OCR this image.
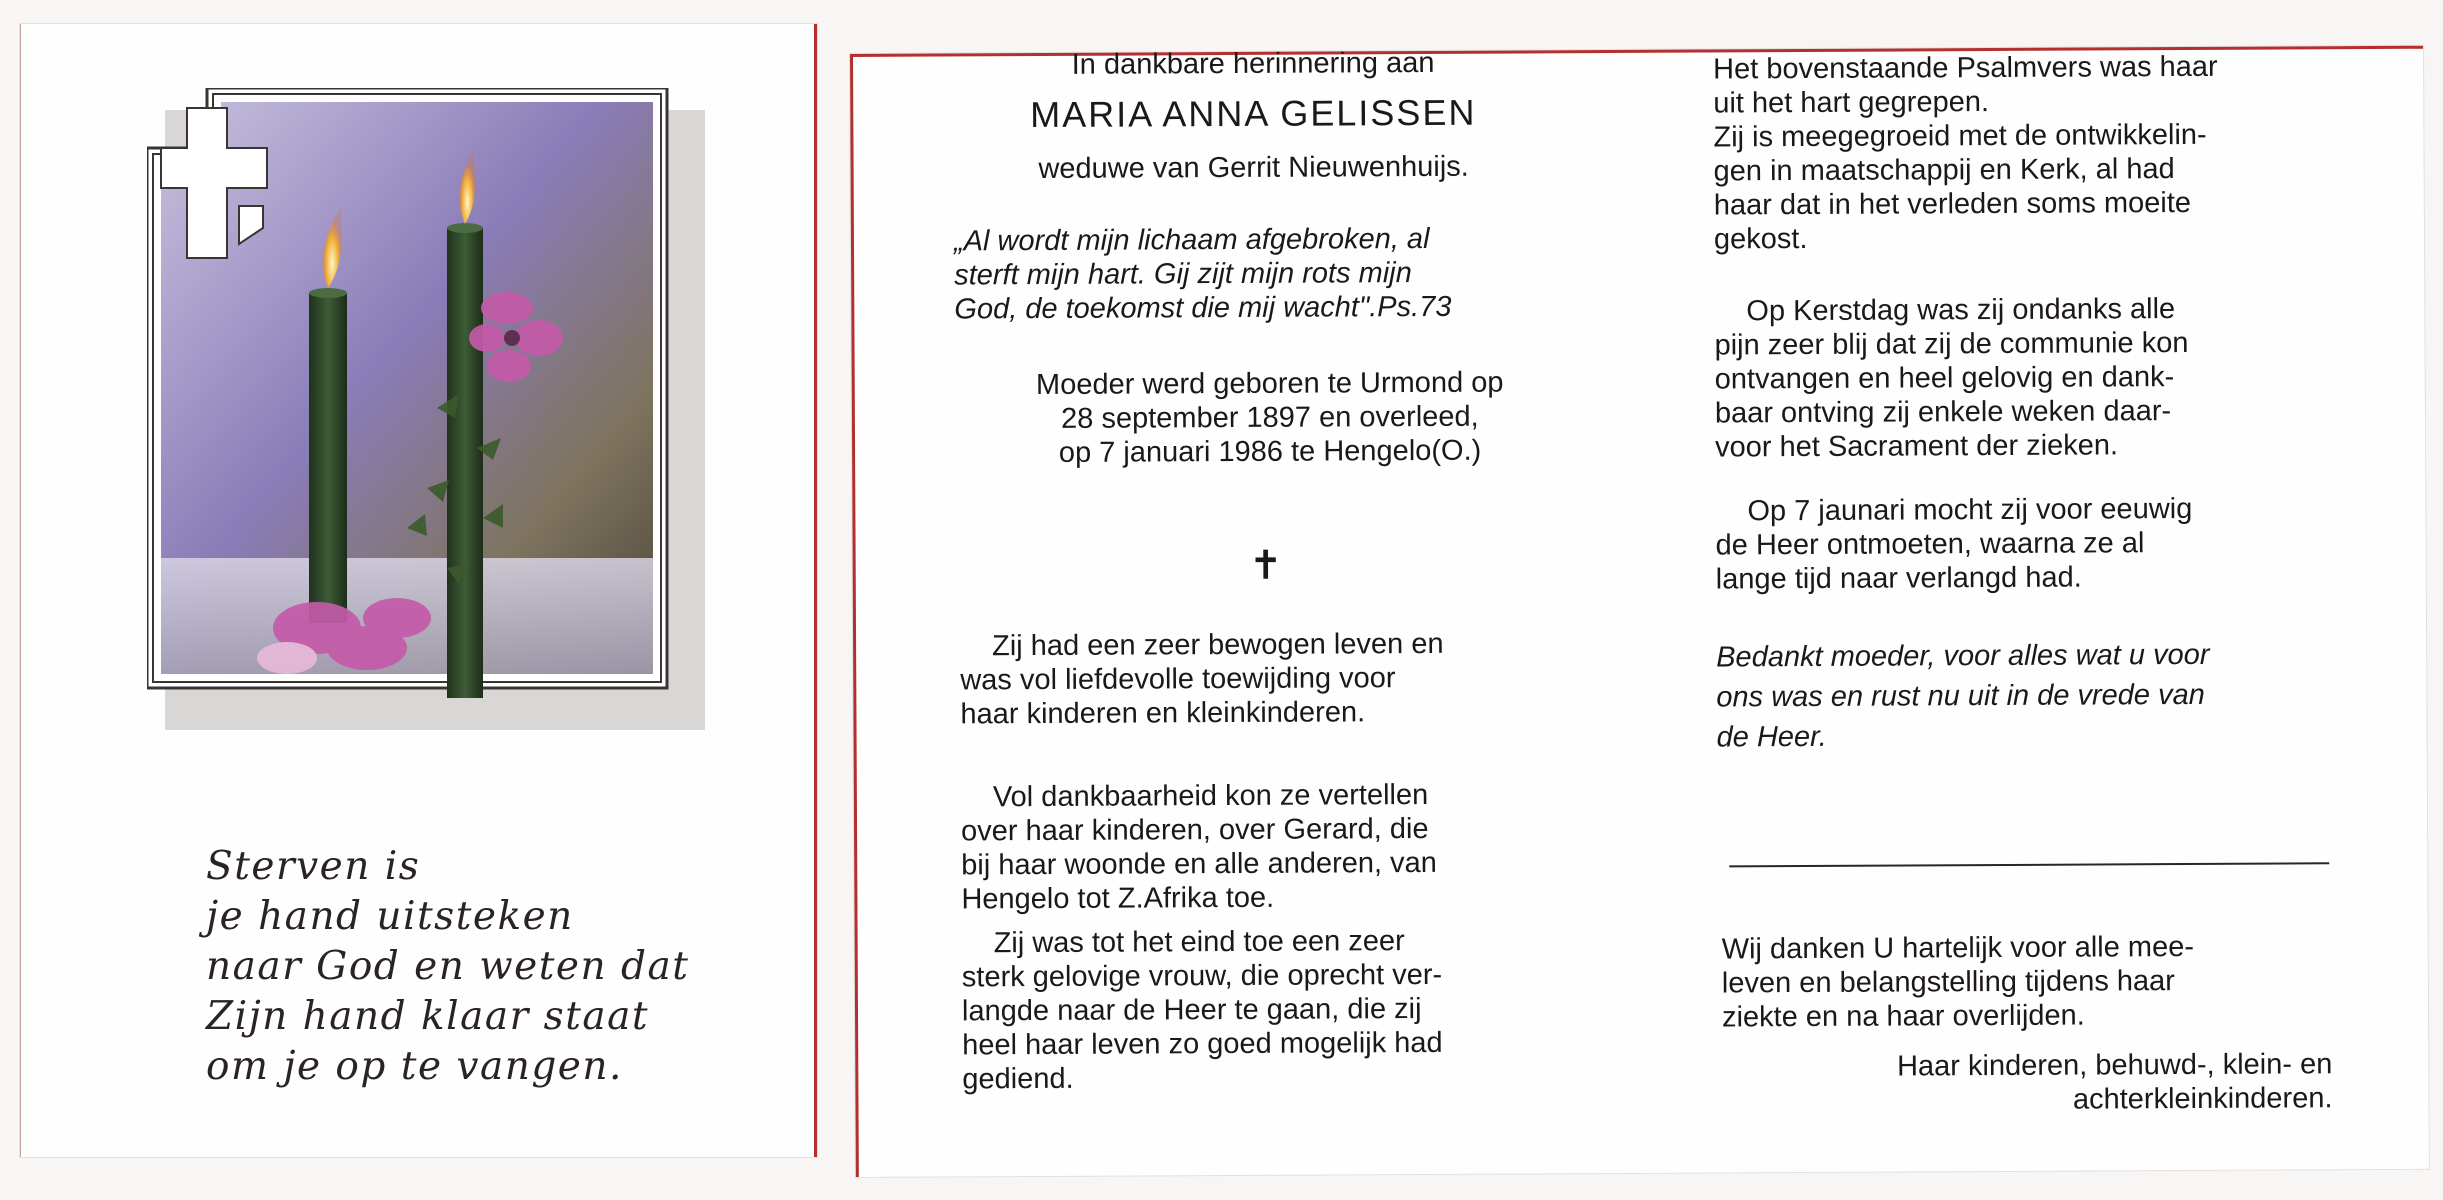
Sterven is
je hand uitsteken
naar God en weten dat
Zijn hand klaar staat
om je op te vangen.
In dankbare herinnering aan
MARIA ANNA GELISSEN
weduwe van Gerrit Nieuwenhuijs.
„Al wordt mijn lichaam afgebroken, al
sterft mijn hart. Gij zijt mijn rots mijn
God, de toekomst die mij wacht".Ps.73
Moeder werd geboren te Urmond op
28 september 1897 en overleed,
op 7 januari 1986 te Hengelo(O.)
✝
Zij had een zeer bewogen leven en
was vol liefdevolle toewijding voor
haar kinderen en kleinkinderen.
Vol dankbaarheid kon ze vertellen
over haar kinderen, over Gerard, die
bij haar woonde en alle anderen, van
Hengelo tot Z.Afrika toe.
Zij was tot het eind toe een zeer
sterk gelovige vrouw, die oprecht ver-
langde naar de Heer te gaan, die zij
heel haar leven zo goed mogelijk had
gediend.
Het bovenstaande Psalmvers was haar
uit het hart gegrepen.
Zij is meegegroeid met de ontwikkelin-
gen in maatschappij en Kerk, al had
haar dat in het verleden soms moeite
gekost.
Op Kerstdag was zij ondanks alle
pijn zeer blij dat zij de communie kon
ontvangen en heel gelovig en dank-
baar ontving zij enkele weken daar-
voor het Sacrament der zieken.
Op 7 jaunari mocht zij voor eeuwig
de Heer ontmoeten, waarna ze al
lange tijd naar verlangd had.
Bedankt moeder, voor alles wat u voor
ons was en rust nu uit in de vrede van
de Heer.
Wij danken U hartelijk voor alle mee-
leven en belangstelling tijdens haar
ziekte en na haar overlijden.
Haar kinderen, behuwd-, klein- en
achterkleinkinderen.
